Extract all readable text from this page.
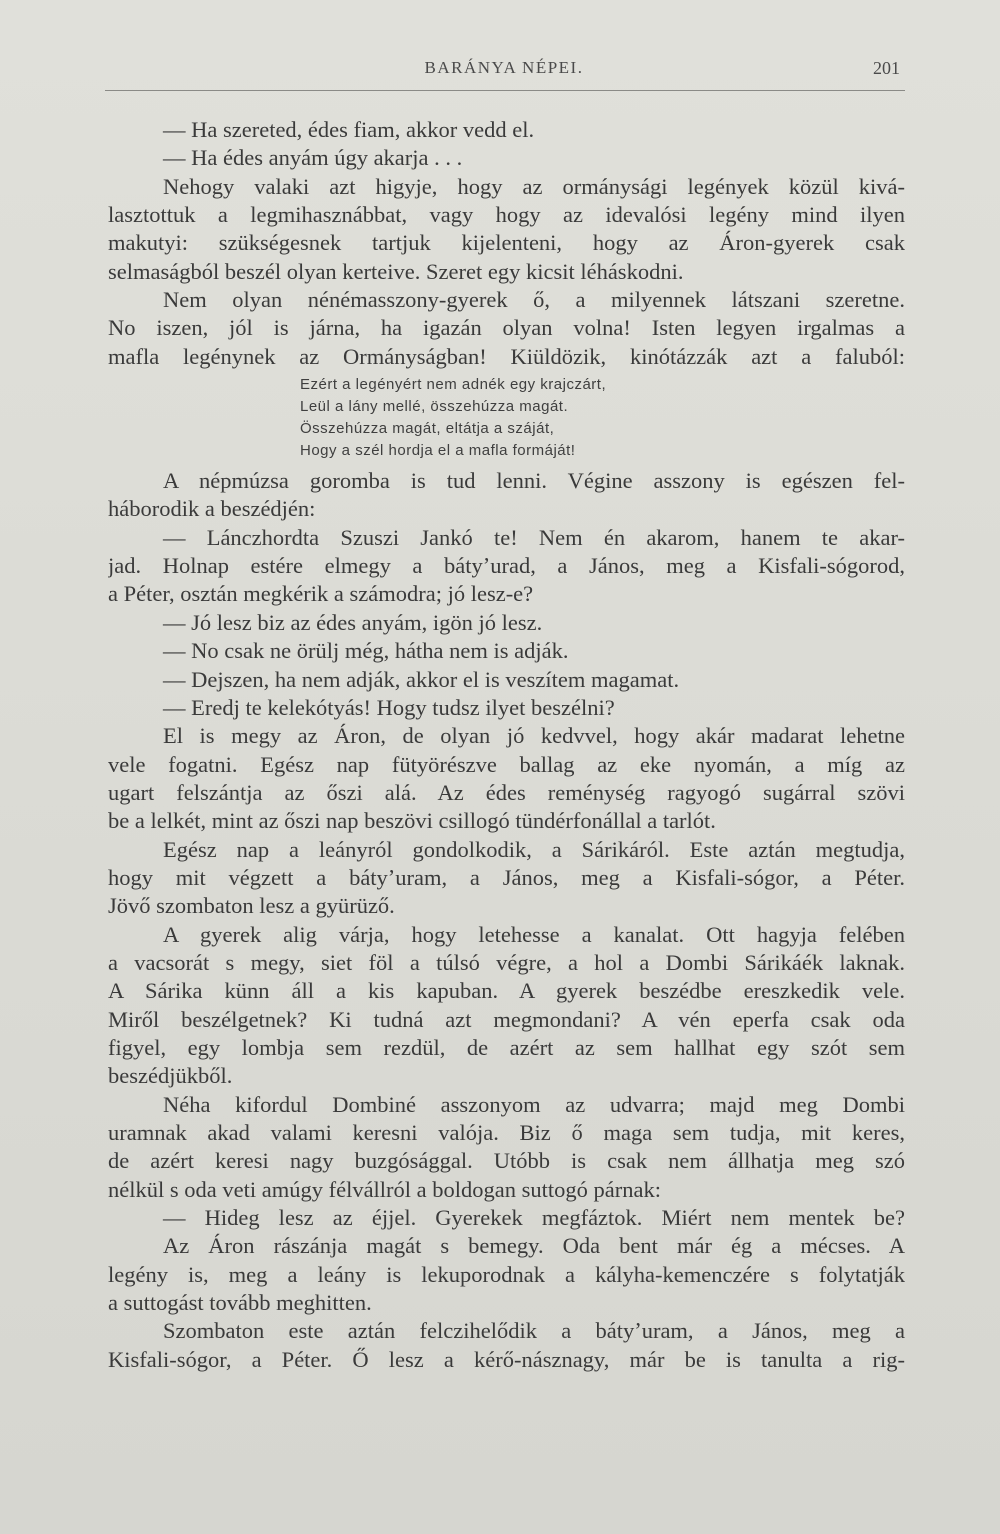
BARÁNYA NÉPEI.	201
— Ha szereted, édes fiam, akkor vedd el.
— Ha édes anyám úgy akarja . . .
Nehogy valaki azt higyje, hogy az ormánysági legények közül kivá-
lasztottuk a legmihasznábbat, vagy hogy az idevalósi legény mind ilyen
makutyi: szükségesnek tartjuk kijelenteni, hogy az Áron-gyerek csak
selmaságból beszél olyan kerteive. Szeret egy kicsit léháskodni.
Nem olyan nénémasszony-gyerek ő, a milyennek látszani szeretne.
No iszen, jól is járna, ha igazán olyan volna! Isten legyen irgalmas a
mafla legénynek az Ormányságban! Kiüldözik, kinótázzák azt a faluból:
Ezért a legényért nem adnék egy krajczárt,
Leül a lány mellé, összehúzza magát.
Összehúzza magát, eltátja a száját,
Hogy a szél hordja el a mafla formáját!
A népmúzsa goromba is tud lenni. Végine asszony is egészen fel-
háborodik a beszédjén:
— Lánczhordta Szuszi Jankó te! Nem én akarom, hanem te akar-
jad. Holnap estére elmegy a bátyʼurad, a János, meg a Kisfali-sógorod,
a Péter, osztán megkérik a számodra; jó lesz-e?
— Jó lesz biz az édes anyám, igön jó lesz.
— No csak ne örülj még, hátha nem is adják.
— Dejszen, ha nem adják, akkor el is veszítem magamat.
— Eredj te kelekótyás! Hogy tudsz ilyet beszélni?
El is megy az Áron, de olyan jó kedvvel, hogy akár madarat lehetne
vele fogatni. Egész nap fütyörészve ballag az eke nyomán, a míg az
ugart felszántja az őszi alá. Az édes reménység ragyogó sugárral szövi
be a lelkét, mint az őszi nap beszövi csillogó tündérfonállal a tarlót.
Egész nap a leányról gondolkodik, a Sárikáról. Este aztán megtudja,
hogy mit végzett a bátyʼuram, a János, meg a Kisfali-sógor, a Péter.
Jövő szombaton lesz a gyürüző.
A gyerek alig várja, hogy letehesse a kanalat. Ott hagyja felében
a vacsorát s megy, siet föl a túlsó végre, a hol a Dombi Sárikáék laknak.
A Sárika künn áll a kis kapuban. A gyerek beszédbe ereszkedik vele.
Miről beszélgetnek? Ki tudná azt megmondani? A vén eperfa csak oda
figyel, egy lombja sem rezdül, de azért az sem hallhat egy szót sem
beszédjükből.
Néha kifordul Dombiné asszonyom az udvarra; majd meg Dombi
uramnak akad valami keresni valója. Biz ő maga sem tudja, mit keres,
de azért keresi nagy buzgósággal. Utóbb is csak nem állhatja meg szó
nélkül s oda veti amúgy félvállról a boldogan suttogó párnak:
— Hideg lesz az éjjel. Gyerekek megfáztok. Miért nem mentek be?
Az Áron rászánja magát s bemegy. Oda bent már ég a mécses. A
legény is, meg a leány is lekuporodnak a kályha-kemenczére s folytatják
a suttogást tovább meghitten.
Szombaton este aztán felczihelődik a bátyʼuram, a János, meg a
Kisfali-sógor, a Péter. Ő lesz a kérő-násznagy, már be is tanulta a rig-
